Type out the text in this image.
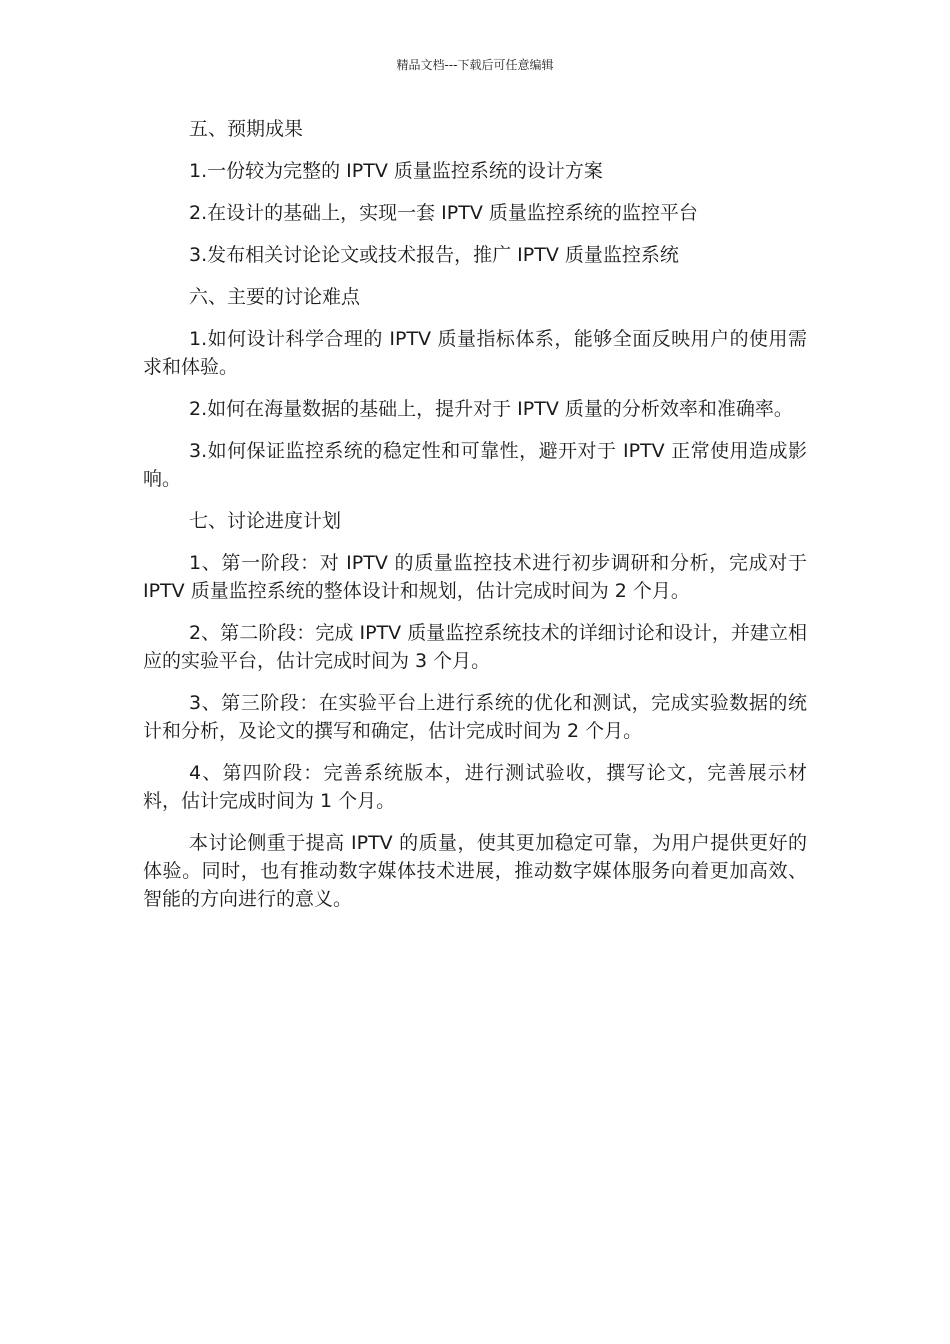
精品文档---下载后可任意编辑

五、预期成果

1.一份较为完整的 IPTV 质量监控系统的设计方案

2.在设计的基础上，实现一套 IPTV 质量监控系统的监控平台

3.发布相关讨论论文或技术报告，推广 IPTV 质量监控系统

六、主要的讨论难点

1.如何设计科学合理的 IPTV 质量指标体系，能够全面反映用户的使用需求和体验。

2.如何在海量数据的基础上，提升对于 IPTV 质量的分析效率和准确率。

3.如何保证监控系统的稳定性和可靠性，避开对于 IPTV 正常使用造成影响。

七、讨论进度计划

1、第一阶段：对 IPTV 的质量监控技术进行初步调研和分析，完成对于 IPTV 质量监控系统的整体设计和规划，估计完成时间为 2 个月。

2、第二阶段：完成 IPTV 质量监控系统技术的详细讨论和设计，并建立相应的实验平台，估计完成时间为 3 个月。

3、第三阶段：在实验平台上进行系统的优化和测试，完成实验数据的统计和分析，及论文的撰写和确定，估计完成时间为 2 个月。

4、第四阶段：完善系统版本，进行测试验收，撰写论文，完善展示材料，估计完成时间为 1 个月。

本讨论侧重于提高 IPTV 的质量，使其更加稳定可靠，为用户提供更好的体验。同时，也有推动数字媒体技术进展，推动数字媒体服务向着更加高效、智能的方向进行的意义。
